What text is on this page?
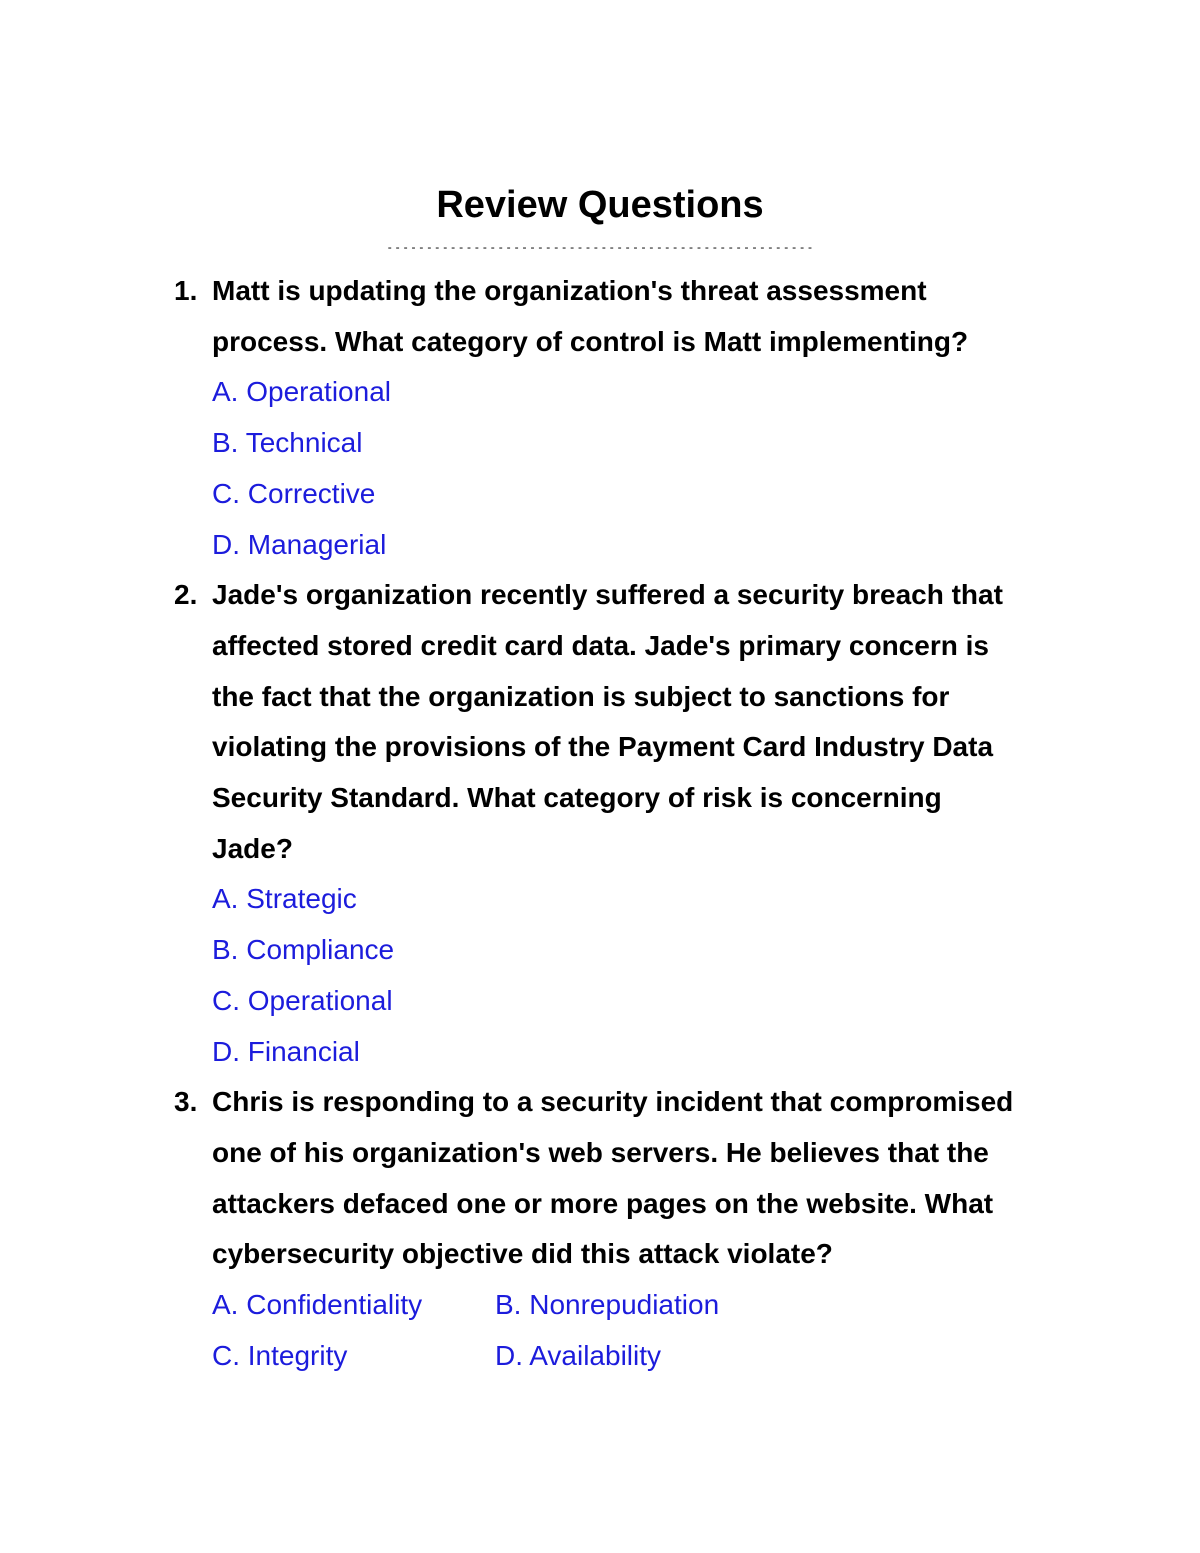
Review Questions
- - - - - - - - - - - - - - - - - - - - - - - - - - - - - - - - - - - - - - - - - - - - - - - - - - - - - -
1. Matt is updating the organization's threat assessment
process. What category of control is Matt implementing?
A. Operational
B. Technical
C. Corrective
D. Managerial
2. Jade's organization recently suffered a security breach that
affected stored credit card data. Jade's primary concern is
the fact that the organization is subject to sanctions for
violating the provisions of the Payment Card Industry Data
Security Standard. What category of risk is concerning
Jade?
A. Strategic
B. Compliance
C. Operational
D. Financial
3. Chris is responding to a security incident that compromised
one of his organization's web servers. He believes that the
attackers defaced one or more pages on the website. What
cybersecurity objective did this attack violate?
A. Confidentiality	B. Nonrepudiation
C. Integrity	D. Availability
